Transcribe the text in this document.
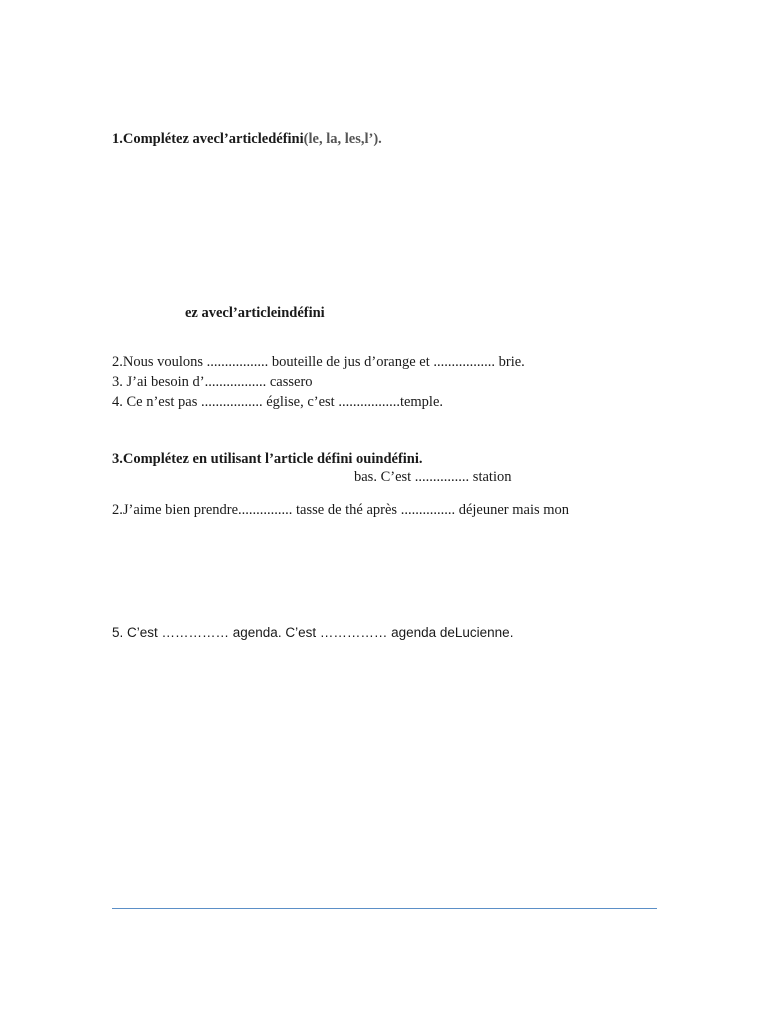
1.Complétez avecl’articledéfini(le, la, les,l’).
ez avecl’articleindéfini
2.Nous voulons ................. bouteille de jus d’orange et ................. brie.
3. J’ai besoin d’................. cassero
4. Ce n’est pas ................. église, c’est .................temple.
3.Complétez en utilisant l’article défini ouindéfini.
bas. C’est ............... station
2.J’aime bien prendre............... tasse de thé après ............... déjeuner mais mon
5. C’est …………… agenda. C’est …………… agenda deLucienne.
